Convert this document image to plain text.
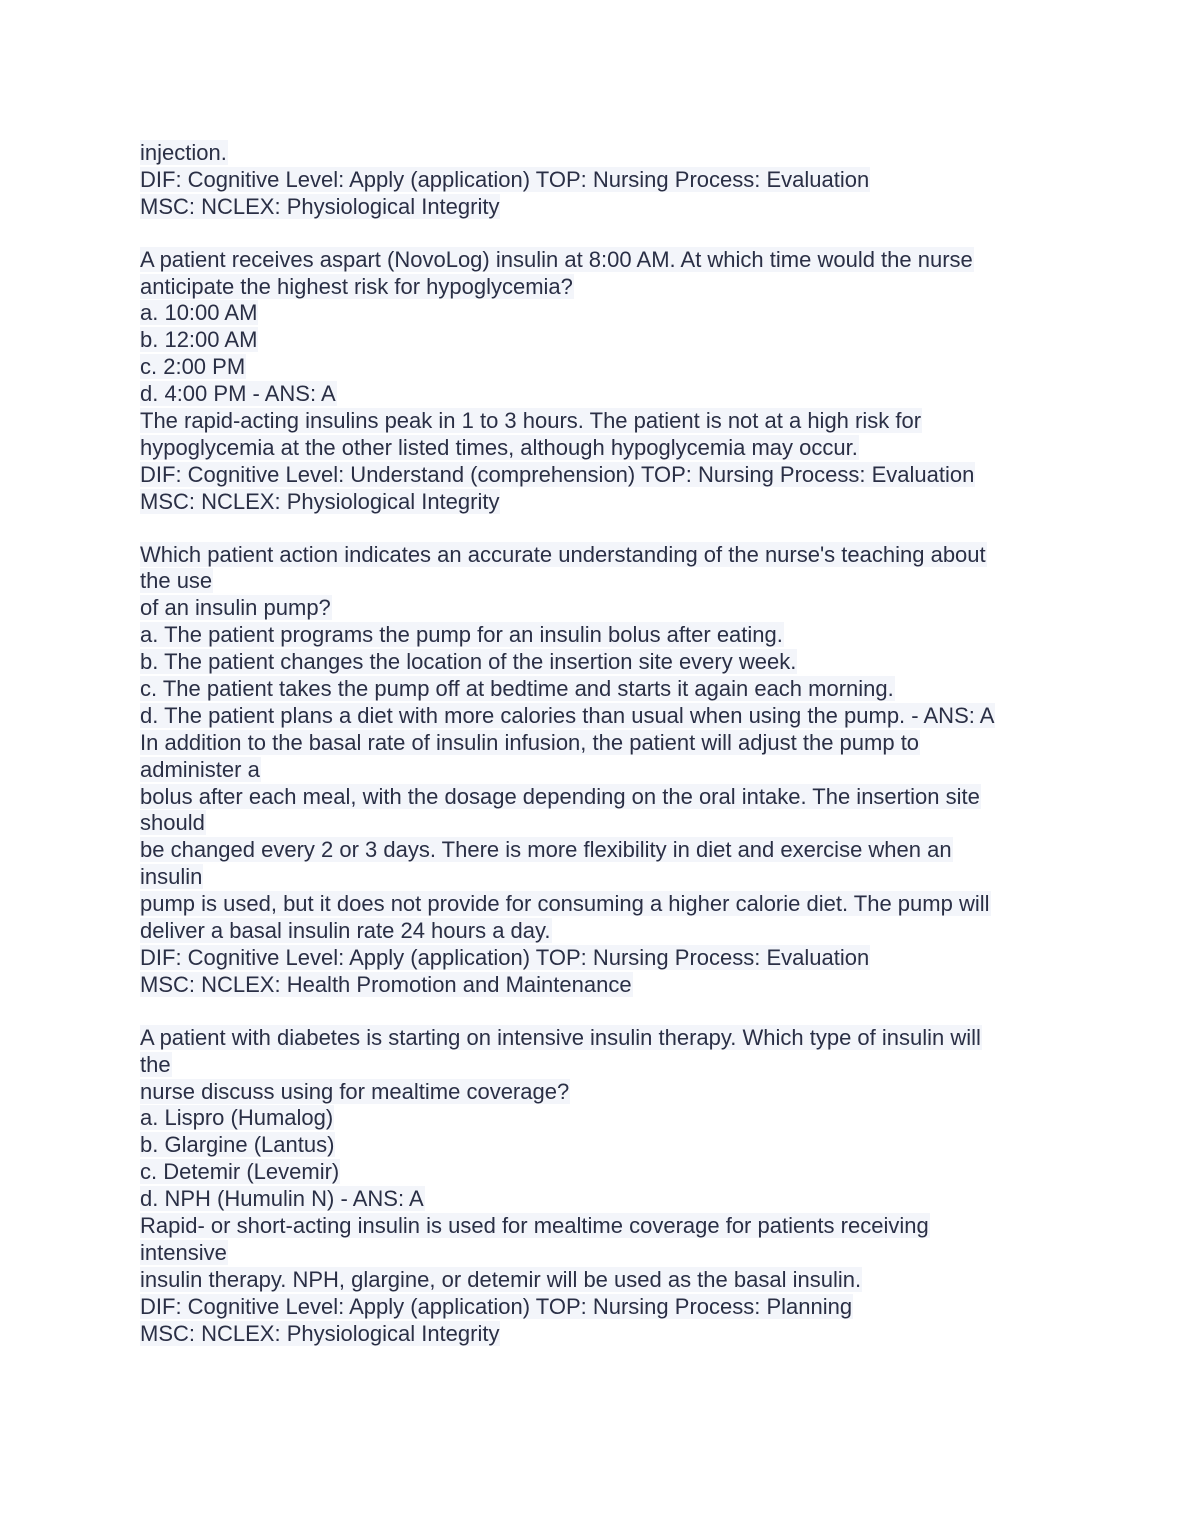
injection.
DIF: Cognitive Level: Apply (application) TOP: Nursing Process: Evaluation
MSC: NCLEX: Physiological Integrity
A patient receives aspart (NovoLog) insulin at 8:00 AM. At which time would the nurse
anticipate the highest risk for hypoglycemia?
a. 10:00 AM
b. 12:00 AM
c. 2:00 PM
d. 4:00 PM - ANS: A
The rapid-acting insulins peak in 1 to 3 hours. The patient is not at a high risk for
hypoglycemia at the other listed times, although hypoglycemia may occur.
DIF: Cognitive Level: Understand (comprehension) TOP: Nursing Process: Evaluation
MSC: NCLEX: Physiological Integrity
Which patient action indicates an accurate understanding of the nurse's teaching about
the use
of an insulin pump?
a. The patient programs the pump for an insulin bolus after eating.
b. The patient changes the location of the insertion site every week.
c. The patient takes the pump off at bedtime and starts it again each morning.
d. The patient plans a diet with more calories than usual when using the pump. - ANS: A
In addition to the basal rate of insulin infusion, the patient will adjust the pump to
administer a
bolus after each meal, with the dosage depending on the oral intake. The insertion site
should
be changed every 2 or 3 days. There is more flexibility in diet and exercise when an
insulin
pump is used, but it does not provide for consuming a higher calorie diet. The pump will
deliver a basal insulin rate 24 hours a day.
DIF: Cognitive Level: Apply (application) TOP: Nursing Process: Evaluation
MSC: NCLEX: Health Promotion and Maintenance
A patient with diabetes is starting on intensive insulin therapy. Which type of insulin will
the
nurse discuss using for mealtime coverage?
a. Lispro (Humalog)
b. Glargine (Lantus)
c. Detemir (Levemir)
d. NPH (Humulin N) - ANS: A
Rapid- or short-acting insulin is used for mealtime coverage for patients receiving
intensive
insulin therapy. NPH, glargine, or detemir will be used as the basal insulin.
DIF: Cognitive Level: Apply (application) TOP: Nursing Process: Planning
MSC: NCLEX: Physiological Integrity
